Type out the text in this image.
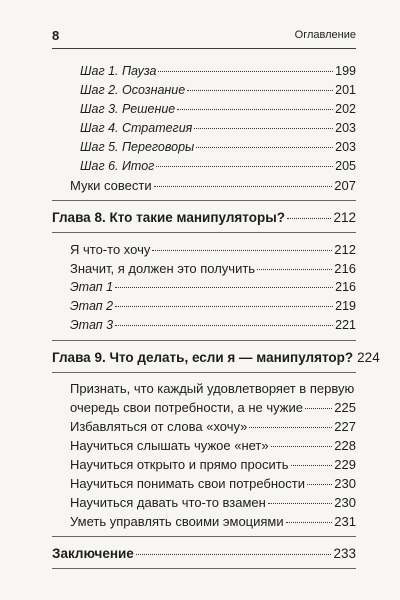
8	Оглавление
Шаг 1. Пауза	199
Шаг 2. Осознание	201
Шаг 3. Решение	202
Шаг 4. Стратегия	203
Шаг 5. Переговоры	203
Шаг 6. Итог	205
Муки совести	207
Глава 8. Кто такие манипуляторы?	212
Я что-то хочу	212
Значит, я должен это получить	216
Этап 1	216
Этап 2	219
Этап 3	221
Глава 9. Что делать, если я — манипулятор? 224
Признать, что каждый удовлетворяет в первую
очередь свои потребности, а не чужие 225
Избавляться от слова «хочу»	227
Научиться слышать чужое «нет»	228
Научиться открыто и прямо просить	229
Научиться понимать свои потребности 230
Научиться давать что-то взамен	230
Уметь управлять своими эмоциями	231
Заключение	233
